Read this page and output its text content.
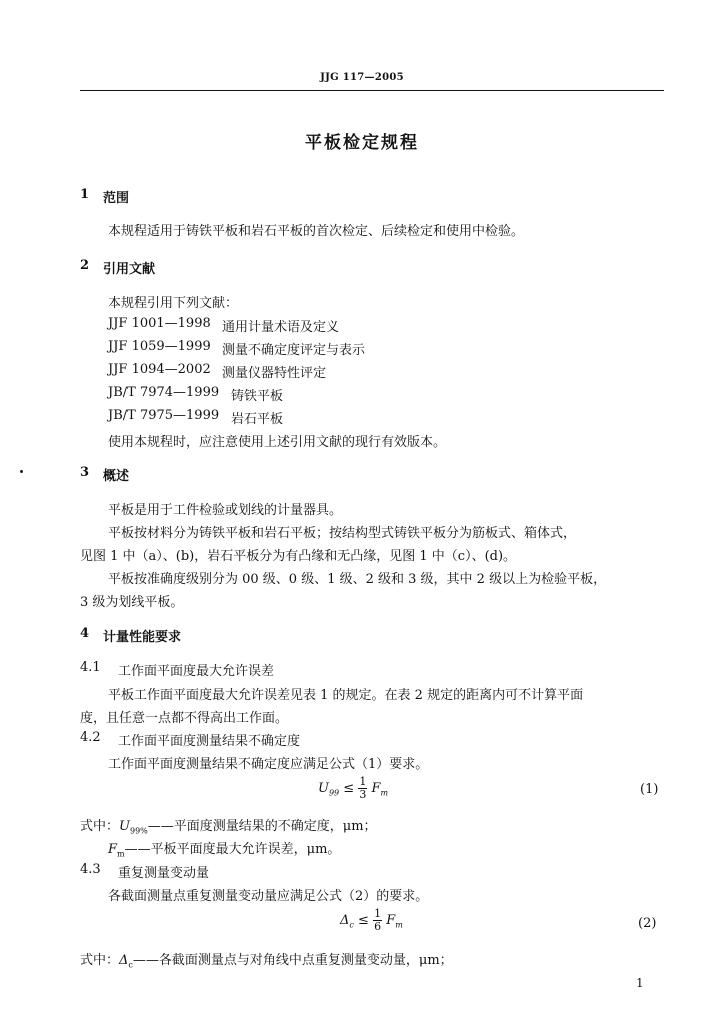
JJG 117—2005
平板检定规程
1 范围
本规程适用于铸铁平板和岩石平板的首次检定、后续检定和使用中检验。
2 引用文献
本规程引用下列文献：
JJF 1001—1998 通用计量术语及定义
JJF 1059—1999 测量不确定度评定与表示
JJF 1094—2002 测量仪器特性评定
JB/T 7974—1999 铸铁平板
JB/T 7975—1999 岩石平板
使用本规程时，应注意使用上述引用文献的现行有效版本。
3 概述
平板是用于工件检验或划线的计量器具。
平板按材料分为铸铁平板和岩石平板；按结构型式铸铁平板分为筋板式、箱体式，
见图 1 中（a）、(b)，岩石平板分为有凸缘和无凸缘，见图 1 中（c）、(d)。
平板按准确度级别分为 00 级、0 级、1 级、2 级和 3 级，其中 2 级以上为检验平板，
3 级为划线平板。
4 计量性能要求
4.1 工作面平面度最大允许误差
平板工作面平面度最大允许误差见表 1 的规定。在表 2 规定的距离内可不计算平面
度，且任意一点都不得高出工作面。
4.2 工作面平面度测量结果不确定度
工作面平面度测量结果不确定度应满足公式（1）要求。
$U_{99} \le \frac{1}{3} F_m$	(1)
式中：$U_{99\%}——$平面度测量结果的不确定度，μm；
$F_m——$平板平面度最大允许误差，μm。
4.3 重复测量变动量
各截面测量点重复测量变动量应满足公式（2）的要求。
$\Delta_c \le \frac{1}{6} F_m$	(2)
式中：$\Delta_c——$各截面测量点与对角线中点重复测量变动量，μm；
1
